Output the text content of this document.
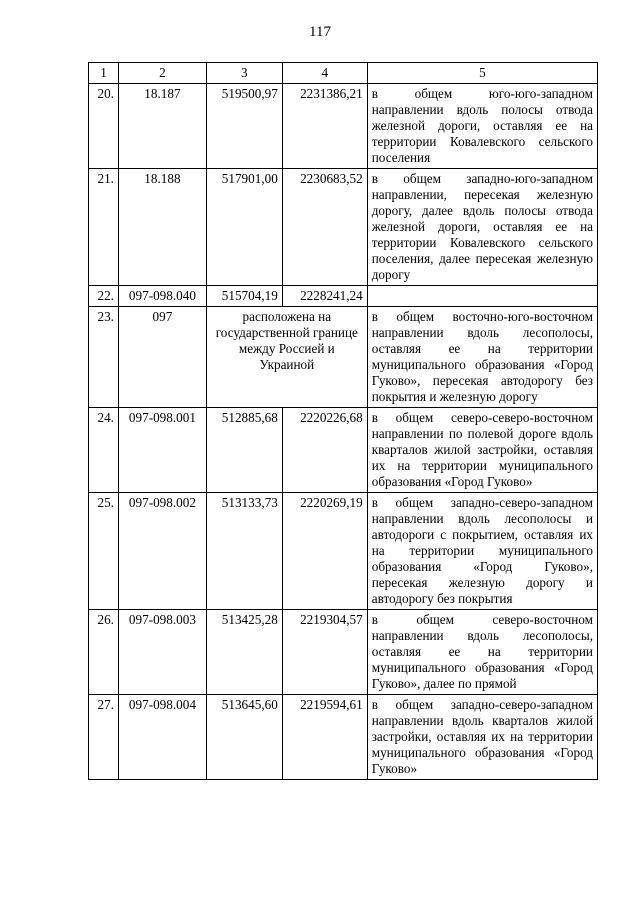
117
1	2	3	4	5
20.	18.187	519500,97	2231386,21	в общем юго-юго-западном направлении вдоль полосы отвода железной дороги, оставляя ее на территории Ковалевского сельского поселения
21.	18.188	517901,00	2230683,52	в общем западно-юго-западном направлении, пересекая железную дорогу, далее вдоль полосы отвода железной дороги, оставляя ее на территории Ковалевского сельского поселения, далее пересекая железную дорогу
22.	097-098.040	515704,19	2228241,24	
23.	097	расположена на государственной границе между Россией и Украиной		в общем восточно-юго-восточном направлении вдоль лесополосы, оставляя ее на территории муниципального образования «Город Гуково», пересекая автодорогу без покрытия и железную дорогу
24.	097-098.001	512885,68	2220226,68	в общем северо-северо-восточном направлении по полевой дороге вдоль кварталов жилой застройки, оставляя их на территории муниципального образования «Город Гуково»
25.	097-098.002	513133,73	2220269,19	в общем западно-северо-западном направлении вдоль лесополосы и автодороги с покрытием, оставляя их на территории муниципального образования «Город Гуково», пересекая железную дорогу и автодорогу без покрытия
26.	097-098.003	513425,28	2219304,57	в общем северо-восточном направлении вдоль лесополосы, оставляя ее на территории муниципального образования «Город Гуково», далее по прямой
27.	097-098.004	513645,60	2219594,61	в общем западно-северо-западном направлении вдоль кварталов жилой застройки, оставляя их на территории муниципального образования «Город Гуково»
